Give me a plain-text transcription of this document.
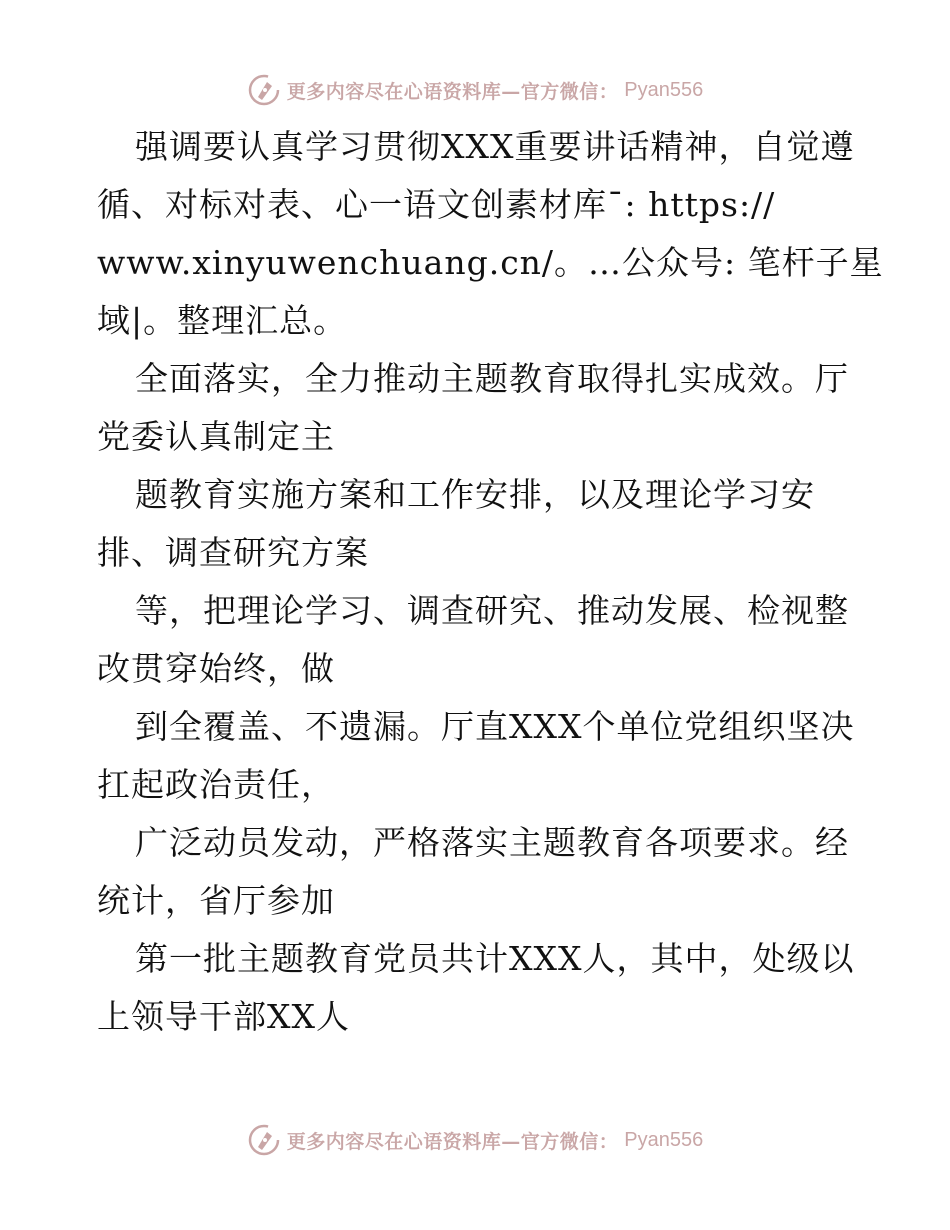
更多内容尽在心语资料库—官方微信： Pyan556
强调要认真学习贯彻XXX重要讲话精神，自觉遵
循、对标对表、心一语文创素材库¯: https://
www.xinyuwenchuang.cn/。…公众号: 笔杆子星
域|。整理汇总。
全面落实，全力推动主题教育取得扎实成效。厅
党委认真制定主
题教育实施方案和工作安排，以及理论学习安
排、调查研究方案
等，把理论学习、调查研究、推动发展、检视整
改贯穿始终，做
到全覆盖、不遗漏。厅直XXX个单位党组织坚决
扛起政治责任，
广泛动员发动，严格落实主题教育各项要求。经
统计，省厅参加
第一批主题教育党员共计XXX人，其中，处级以
上领导干部XX人
更多内容尽在心语资料库—官方微信： Pyan556
